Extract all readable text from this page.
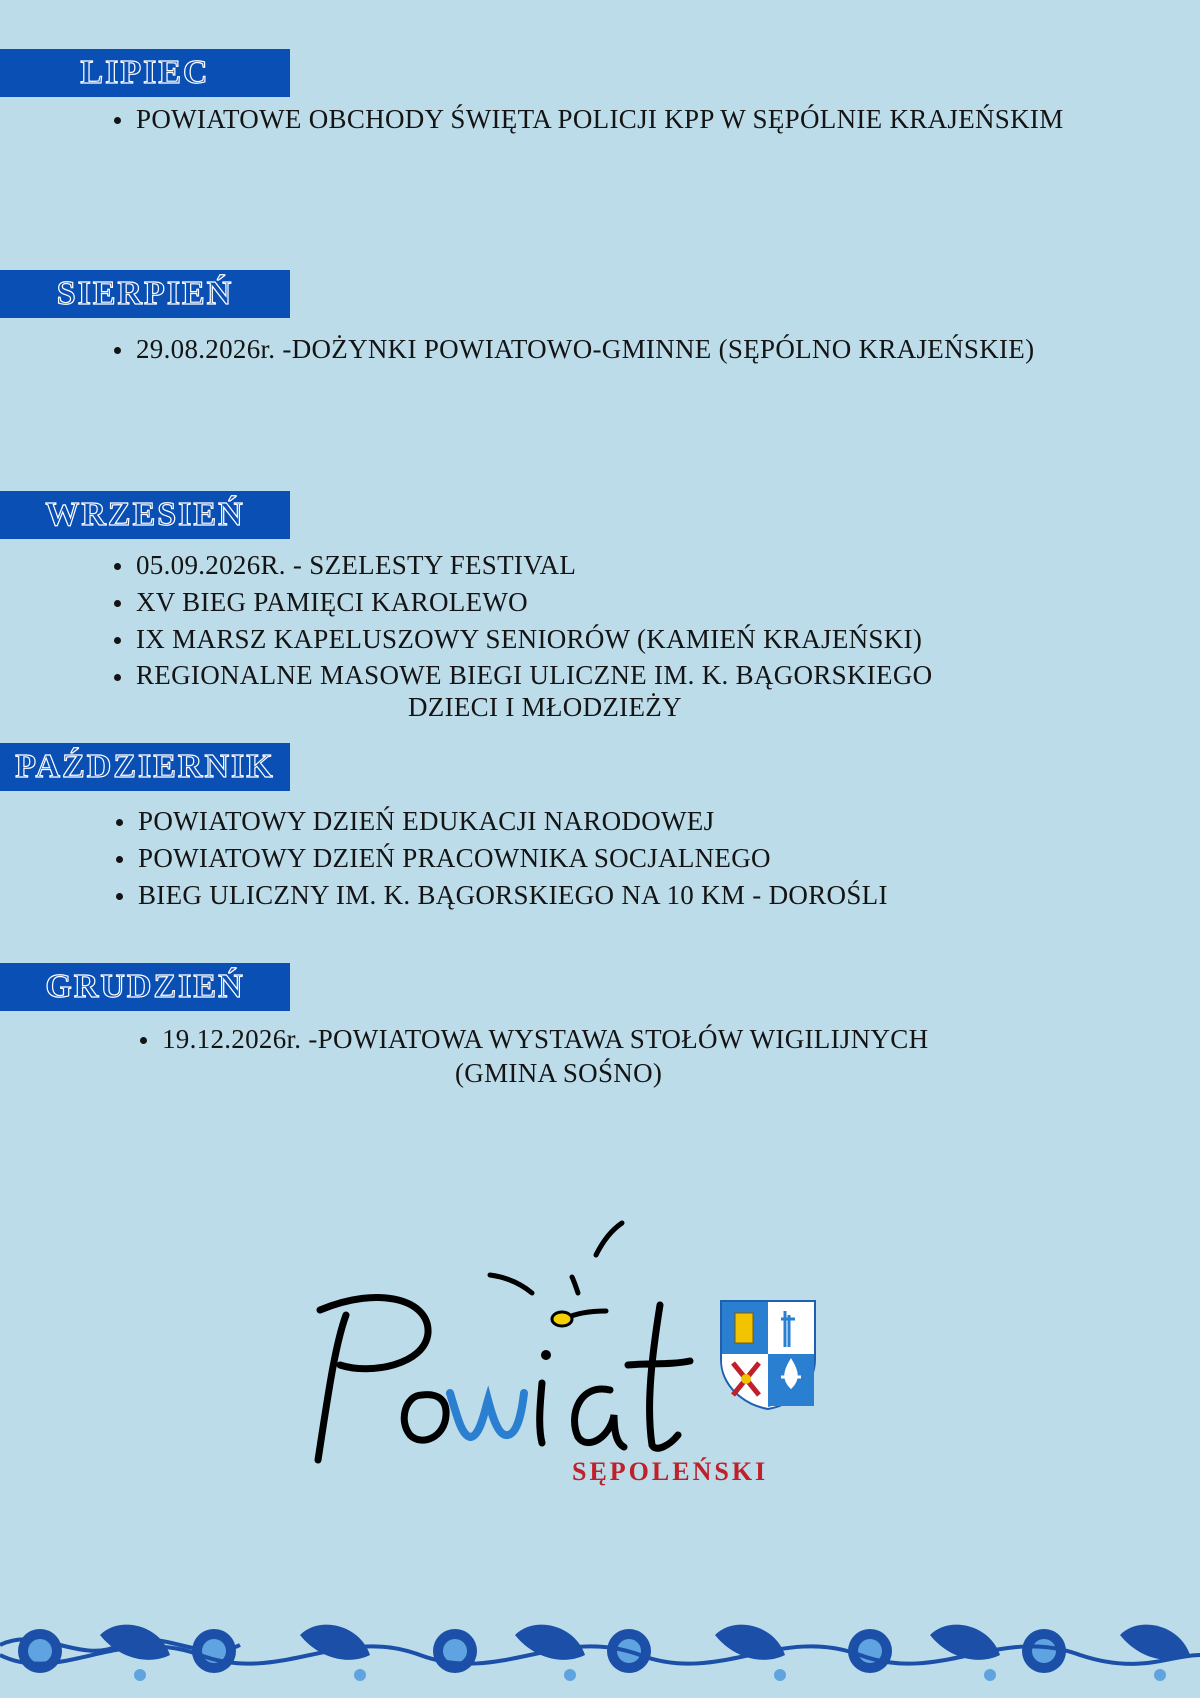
LIPIEC
POWIATOWE OBCHODY ŚWIĘTA POLICJI KPP W SĘPÓLNIE KRAJEŃSKIM
SIERPIEŃ
29.08.2026r. -DOŻYNKI POWIATOWO-GMINNE (SĘPÓLNO KRAJEŃSKIE)
WRZESIEŃ
05.09.2026R. - SZELESTY FESTIVAL
XV BIEG PAMIĘCI KAROLEWO
IX MARSZ KAPELUSZOWY SENIORÓW (KAMIEŃ KRAJEŃSKI)
REGIONALNE MASOWE BIEGI ULICZNE IM. K. BĄGORSKIEGO
DZIECI I MŁODZIEŻY
PAŹDZIERNIK
POWIATOWY DZIEŃ EDUKACJI NARODOWEJ
POWIATOWY DZIEŃ PRACOWNIKA SOCJALNEGO
BIEG ULICZNY IM. K. BĄGORSKIEGO NA 10 KM - DOROŚLI
GRUDZIEŃ
19.12.2026r. -POWIATOWA WYSTAWA STOŁÓW WIGILIJNYCH
(GMINA SOŚNO)
SĘPOLEŃSKI
